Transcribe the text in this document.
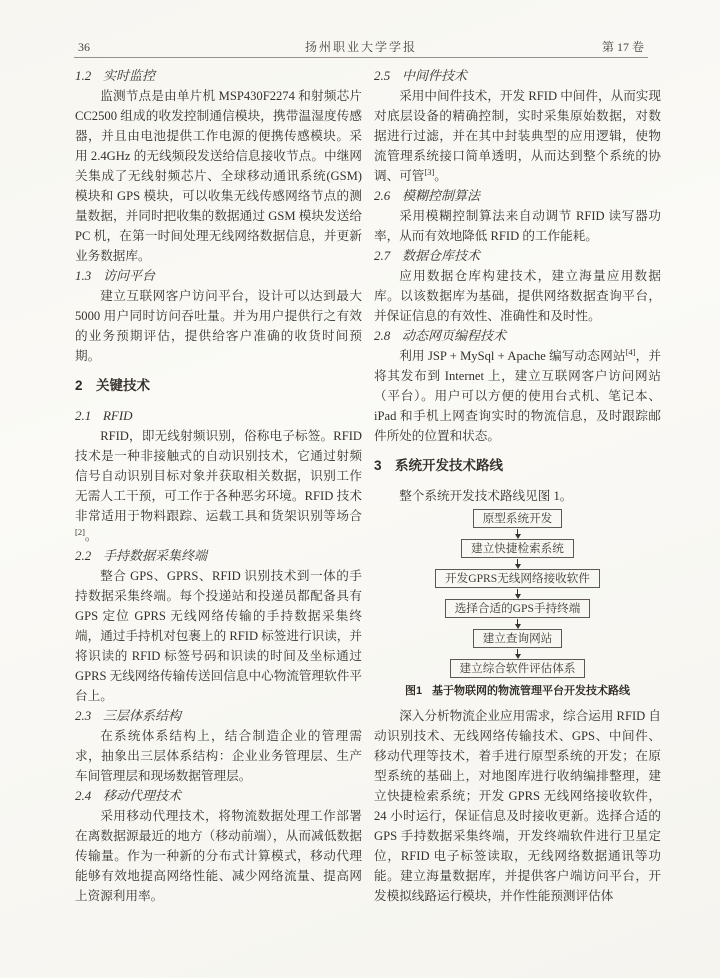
36	扬州职业大学学报	第 17 卷
1.2 实时监控

监测节点是由单片机 MSP430F2274 和射频芯片 CC2500 组成的收发控制通信模块，携带温湿度传感器，并且由电池提供工作电源的便携传感模块。采用 2.4GHz 的无线频段发送给信息接收节点。中继网关集成了无线射频芯片、全球移动通讯系统(GSM)模块和 GPS 模块，可以收集无线传感网络节点的测量数据，并同时把收集的数据通过 GSM 模块发送给 PC 机，在第一时间处理无线网络数据信息，并更新业务数据库。

1.3 访问平台

建立互联网客户访问平台，设计可以达到最大 5000 用户同时访问吞吐量。并为用户提供行之有效的业务预期评估，提供给客户准确的收货时间预期。

2 关键技术
2.1 RFID

RFID，即无线射频识别，俗称电子标签。RFID 技术是一种非接触式的自动识别技术，它通过射频信号自动识别目标对象并获取相关数据，识别工作无需人工干预，可工作于各种恶劣环境。RFID 技术非常适用于物料跟踪、运载工具和货架识别等场合[2]。

2.2 手持数据采集终端

整合 GPS、GPRS、RFID 识别技术到一体的手持数据采集终端。每个投递站和投递员都配备具有 GPS 定位 GPRS 无线网络传输的手持数据采集终端，通过手持机对包裹上的 RFID 标签进行识读，并将识读的 RFID 标签号码和识读的时间及坐标通过 GPRS 无线网络传输传送回信息中心物流管理软件平台上。

2.3 三层体系结构

在系统体系结构上，结合制造企业的管理需求，抽象出三层体系结构：企业业务管理层、生产车间管理层和现场数据管理层。

2.4 移动代理技术

采用移动代理技术，将物流数据处理工作部署在离数据源最近的地方（移动前端），从而减低数据传输量。作为一种新的分布式计算模式，移动代理能够有效地提高网络性能、减少网络流量、提高网上资源利用率。

2.5 中间件技术

采用中间件技术，开发 RFID 中间件，从而实现对底层设备的精确控制，实时采集原始数据，对数据进行过滤，并在其中封装典型的应用逻辑，使物流管理系统接口简单透明，从而达到整个系统的协调、可管[3]。

2.6 模糊控制算法

采用模糊控制算法来自动调节 RFID 读写器功率，从而有效地降低 RFID 的工作能耗。

2.7 数据仓库技术

应用数据仓库构建技术，建立海量应用数据库。以该数据库为基础，提供网络数据查询平台，并保证信息的有效性、准确性和及时性。

2.8 动态网页编程技术

利用 JSP + MySql + Apache 编写动态网站[4]，并将其发布到 Internet 上，建立互联网客户访问网站（平台）。用户可以方便的使用台式机、笔记本、iPad 和手机上网查询实时的物流信息，及时跟踪邮件所处的位置和状态。

3 系统开发技术路线

整个系统开发技术路线见图 1。

原型系统开发
建立快捷检索系统
开发GPRS无线网络接收软件
选择合适的GPS手持终端
建立查询网站
建立综合软件评估体系

图1 基于物联网的物流管理平台开发技术路线

深入分析物流企业应用需求，综合运用 RFID 自动识别技术、无线网络传输技术、GPS、中间件、移动代理等技术，着手进行原型系统的开发；在原型系统的基础上，对地图库进行收纳编排整理，建立快捷检索系统；开发 GPRS 无线网络接收软件，24 小时运行，保证信息及时接收更新。选择合适的 GPS 手持数据采集终端，开发终端软件进行卫星定位，RFID 电子标签读取，无线网络数据通讯等功能。建立海量数据库，并提供客户端访问平台，开发模拟线路运行模块，并作性能预测评估体
